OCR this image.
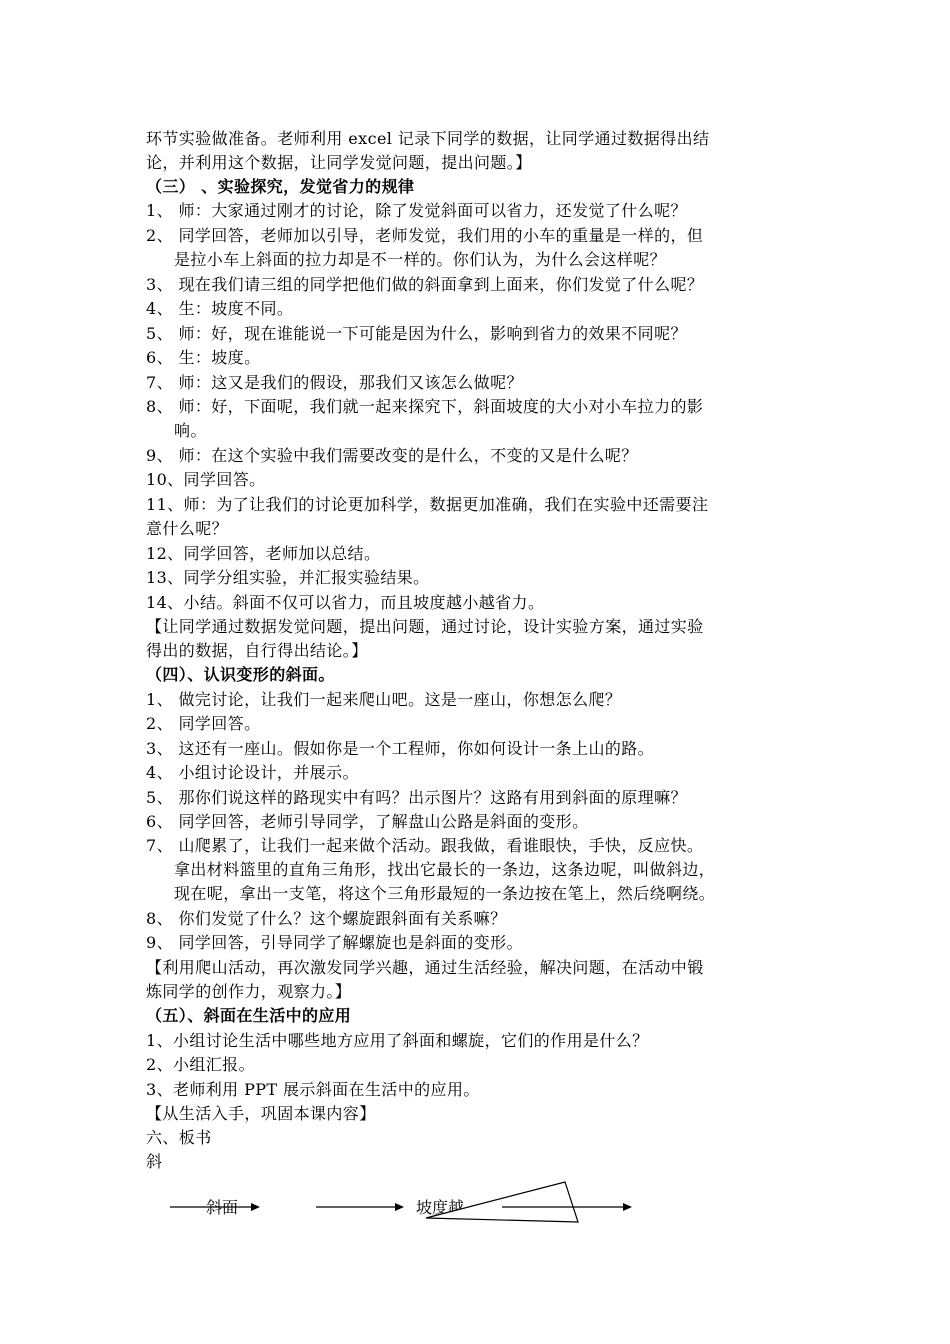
环节实验做准备。老师利用 excel 记录下同学的数据，让同学通过数据得出结
论，并利用这个数据，让同学发觉问题，提出问题。】
（三） 、实验探究，发觉省力的规律
1、 师：大家通过刚才的讨论，除了发觉斜面可以省力，还发觉了什么呢？
2、 同学回答，老师加以引导，老师发觉，我们用的小车的重量是一样的，但
是拉小车上斜面的拉力却是不一样的。你们认为，为什么会这样呢？
3、 现在我们请三组的同学把他们做的斜面拿到上面来，你们发觉了什么呢？
4、 生：坡度不同。
5、 师：好，现在谁能说一下可能是因为什么，影响到省力的效果不同呢？
6、 生：坡度。
7、 师：这又是我们的假设，那我们又该怎么做呢？
8、 师：好，下面呢，我们就一起来探究下，斜面坡度的大小对小车拉力的影
响。
9、 师：在这个实验中我们需要改变的是什么，不变的又是什么呢？
10、同学回答。
11、师：为了让我们的讨论更加科学，数据更加准确，我们在实验中还需要注
意什么呢？
12、同学回答，老师加以总结。
13、同学分组实验，并汇报实验结果。
14、小结。斜面不仅可以省力，而且坡度越小越省力。
【让同学通过数据发觉问题，提出问题，通过讨论，设计实验方案，通过实验
得出的数据，自行得出结论。】
（四）、认识变形的斜面。
1、 做完讨论，让我们一起来爬山吧。这是一座山，你想怎么爬？
2、 同学回答。
3、 这还有一座山。假如你是一个工程师，你如何设计一条上山的路。
4、 小组讨论设计，并展示。
5、 那你们说这样的路现实中有吗？出示图片？这路有用到斜面的原理嘛？
6、 同学回答，老师引导同学，了解盘山公路是斜面的变形。
7、 山爬累了，让我们一起来做个活动。跟我做，看谁眼快，手快，反应快。
拿出材料篮里的直角三角形，找出它最长的一条边，这条边呢，叫做斜边，
现在呢，拿出一支笔，将这个三角形最短的一条边按在笔上，然后绕啊绕。
8、 你们发觉了什么？这个螺旋跟斜面有关系嘛？
9、 同学回答，引导同学了解螺旋也是斜面的变形。
【利用爬山活动，再次激发同学兴趣，通过生活经验，解决问题，在活动中锻
炼同学的创作力，观察力。】
（五）、斜面在生活中的应用
1、小组讨论生活中哪些地方应用了斜面和螺旋，它们的作用是什么？
2、小组汇报。
3、老师利用 PPT 展示斜面在生活中的应用。
【从生活入手，巩固本课内容】
六、板书
斜
斜面	坡度越
